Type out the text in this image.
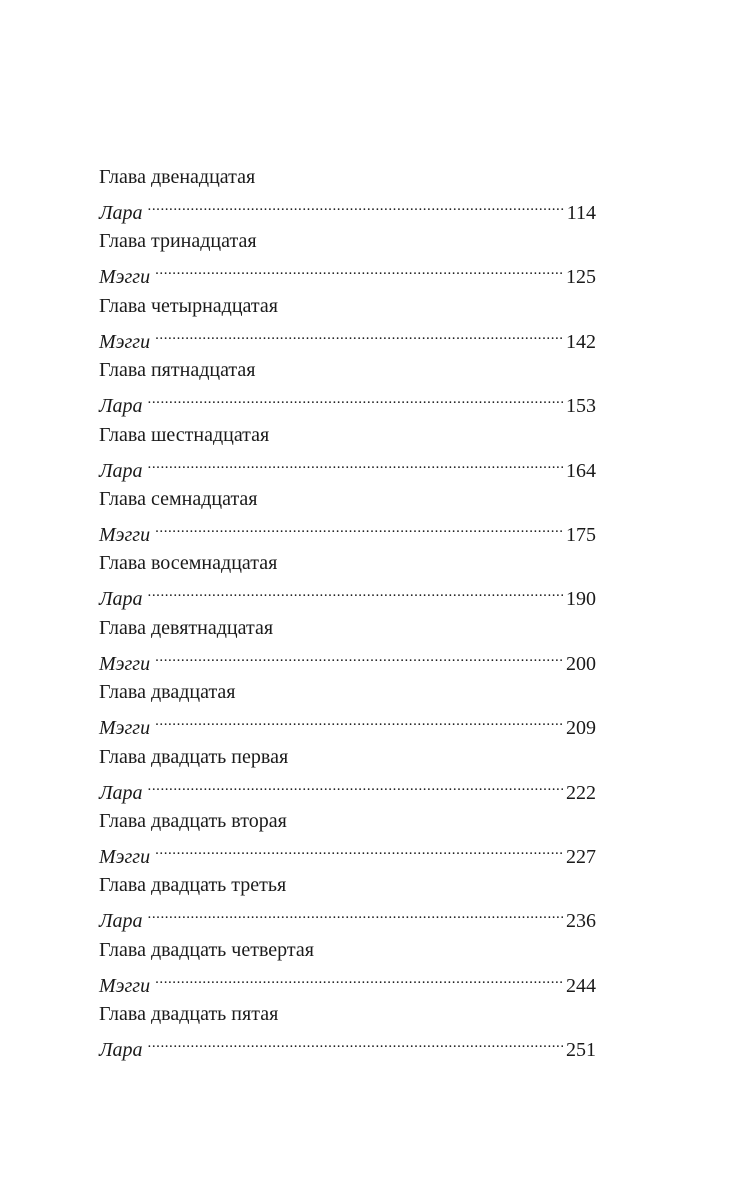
Глава двенадцатая
Лара . . .	114
Глава тринадцатая
Мэгги . . .	125
Глава четырнадцатая
Мэгги . . .	142
Глава пятнадцатая
Лара . . .	153
Глава шестнадцатая
Лара . . .	164
Глава семнадцатая
Мэгги . . .	175
Глава восемнадцатая
Лара . . .	190
Глава девятнадцатая
Мэгги . . .	200
Глава двадцатая
Мэгги . . .	209
Глава двадцать первая
Лара . . .	222
Глава двадцать вторая
Мэгги . . .	227
Глава двадцать третья
Лара . . .	236
Глава двадцать четвертая
Мэгги . . .	244
Глава двадцать пятая
Лара . . .	251
